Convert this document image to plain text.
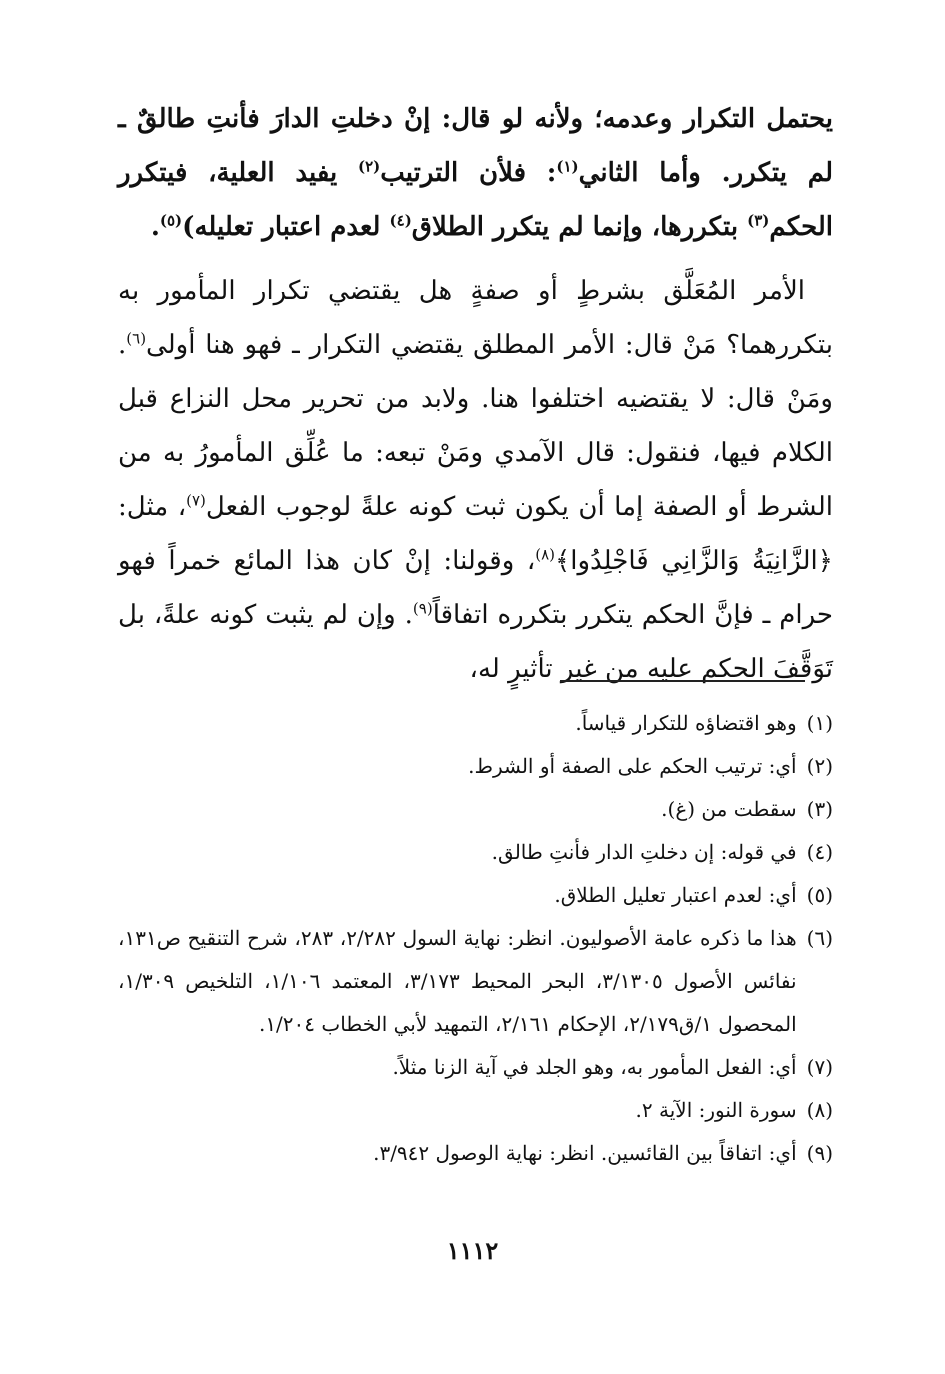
يحتمل التكرار وعدمه؛ ولأنه لو قال: إنْ دخلتِ الدارَ فأنتِ طالقٌ ـ لم يتكرر. وأما الثاني$^{(١)}$: فلأن الترتيب$^{(٢)}$ يفيد العلية، فيتكرر الحكم$^{(٣)}$ بتكررها، وإنما لم يتكرر الطلاق$^{(٤)}$ لعدم اعتبار تعليله)$^{(٥)}$.

الأمر المُعَلَّق بشرطٍ أو صفةٍ هل يقتضي تكرار المأمور به بتكررهما؟ مَنْ قال: الأمر المطلق يقتضي التكرار ـ فهو هنا أولى$^{(٦)}$. ومَنْ قال: لا يقتضيه اختلفوا هنا. ولابد من تحرير محل النزاع قبل الكلام فيها، فنقول: قال الآمدي ومَنْ تبعه: ما عُلِّق المأمورُ به من الشرط أو الصفة إما أن يكون ثبت كونه علةً لوجوب الفعل$^{(٧)}$، مثل: ﴿الزَّانِيَةُ وَالزَّانِي فَاجْلِدُوا﴾$^{(٨)}$، وقولنا: إنْ كان هذا المائع خمراً فهو حرام ـ فإنَّ الحكم يتكرر بتكرره اتفاقاً$^{(٩)}$. وإن لم يثبت كونه علةً، بل تَوَقَّفَ الحكم عليه من غير تأثيرٍ له،

(١)
وهو اقتضاؤه للتكرار قياساً.
(٢)
أي: ترتيب الحكم على الصفة أو الشرط.
(٣)
سقطت من (غ).
(٤)
في قوله: إن دخلتِ الدار فأنتِ طالق.
(٥)
أي: لعدم اعتبار تعليل الطلاق.
(٦)
هذا ما ذكره عامة الأصوليون. انظر: نهاية السول ٢/٢٨٢، ٢٨٣، شرح التنقيح ص١٣١، نفائس الأصول ٣/١٣٠٥، البحر المحيط ٣/١٧٣، المعتمد ١/١٠٦، التلخيص ١/٣٠٩، المحصول ١/ق٢/١٧٩، الإحكام ٢/١٦١، التمهيد لأبي الخطاب ١/٢٠٤.
(٧)
أي: الفعل المأمور به، وهو الجلد في آية الزنا مثلاً.
(٨)
سورة النور: الآية ٢.
(٩)
أي: اتفاقاً بين القائسين. انظر: نهاية الوصول ٣/٩٤٢.
١١١٢
